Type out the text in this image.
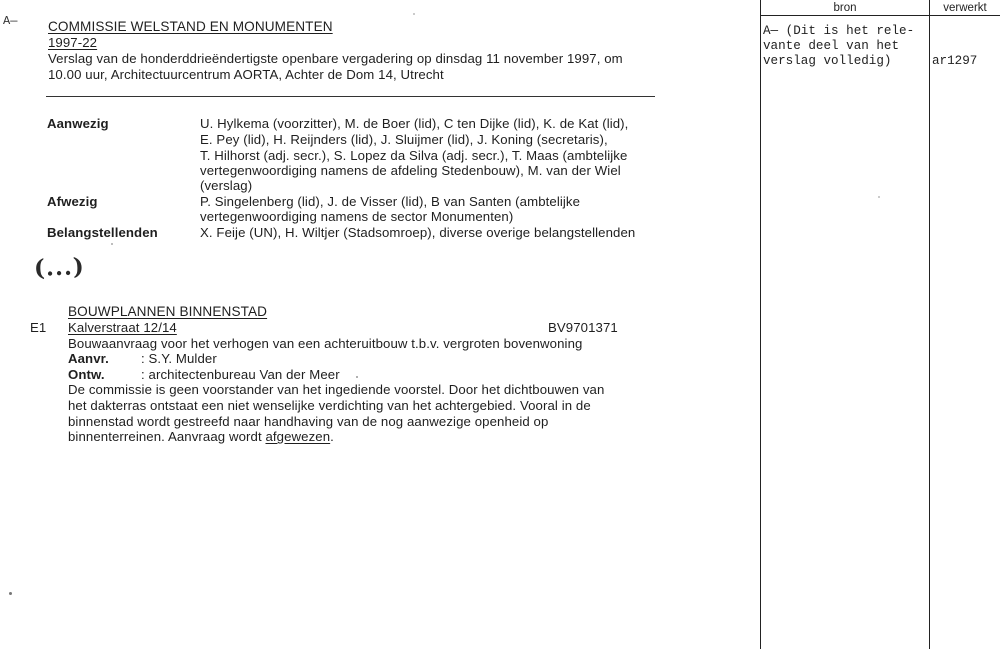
A— COMMISSIE WELSTAND EN MONUMENTEN
1997-22
Verslag van de honderddrieëndertigste openbare vergadering op dinsdag 11 november 1997, om
10.00 uur, Architectuurcentrum AORTA, Achter de Dom 14, Utrecht
Aanwezig	U. Hylkema (voorzitter), M. de Boer (lid), C ten Dijke (lid), K. de Kat (lid),
E. Pey (lid), H. Reijnders (lid), J. Sluijmer (lid), J. Koning (secretaris),
T. Hilhorst (adj. secr.), S. Lopez da Silva (adj. secr.), T. Maas (ambtelijke
vertegenwoordiging namens de afdeling Stedenbouw), M. van der Wiel
(verslag)
Afwezig	P. Singelenberg (lid), J. de Visser (lid), B van Santen (ambtelijke
vertegenwoordiging namens de sector Monumenten)
Belangstellenden	X. Feije (UN), H. Wiltjer (Stadsomroep), diverse overige belangstellenden
(...)
BOUWPLANNEN BINNENSTAD
E1 Kalverstraat 12/14	BV9701371
Bouwaanvraag voor het verhogen van een achteruitbouw t.b.v. vergroten bovenwoning
Aanvr. : S.Y. Mulder
Ontw.	: architectenbureau Van der Meer
De commissie is geen voorstander van het ingediende voorstel. Door het dichtbouwen van
het dakterras ontstaat een niet wenselijke verdichting van het achtergebied. Vooral in de
binnenstad wordt gestreefd naar handhaving van de nog aanwezige openheid op
binnenterreinen. Aanvraag wordt afgewezen.
bron	verwerkt
A— (Dit is het rele-
vante deel van het
verslag volledig)	ar1297
